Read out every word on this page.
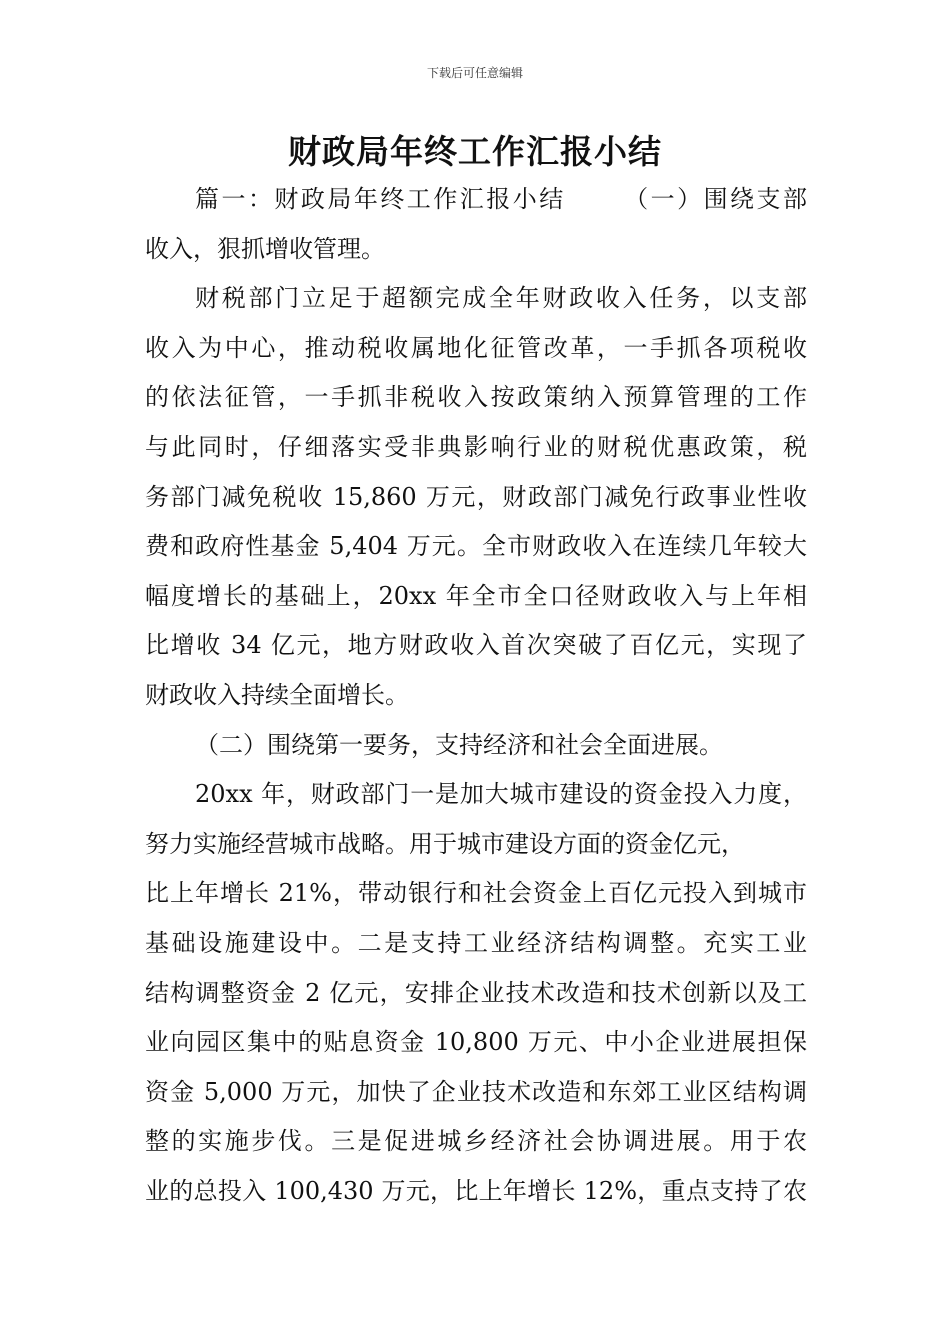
下载后可任意编辑
财政局年终工作汇报小结
篇一：财政局年终工作汇报小结 （一）围绕支部
收入，狠抓增收管理。
财税部门立足于超额完成全年财政收入任务，以支部
收入为中心，推动税收属地化征管改革，一手抓各项税收
的依法征管，一手抓非税收入按政策纳入预算管理的工作
与此同时，仔细落实受非典影响行业的财税优惠政策，税
务部门减免税收 15,860 万元，财政部门减免行政事业性收
费和政府性基金 5,404 万元。全市财政收入在连续几年较大
幅度增长的基础上，20xx 年全市全口径财政收入与上年相
比增收 34 亿元，地方财政收入首次突破了百亿元，实现了
财政收入持续全面增长。
（二）围绕第一要务，支持经济和社会全面进展。
20xx 年，财政部门一是加大城市建设的资金投入力度，
努力实施经营城市战略。用于城市建设方面的资金亿元，
比上年增长 21%，带动银行和社会资金上百亿元投入到城市
基础设施建设中。二是支持工业经济结构调整。充实工业
结构调整资金 2 亿元，安排企业技术改造和技术创新以及工
业向园区集中的贴息资金 10,800 万元、中小企业进展担保
资金 5,000 万元，加快了企业技术改造和东郊工业区结构调
整的实施步伐。三是促进城乡经济社会协调进展。用于农
业的总投入 100,430 万元，比上年增长 12%，重点支持了农
